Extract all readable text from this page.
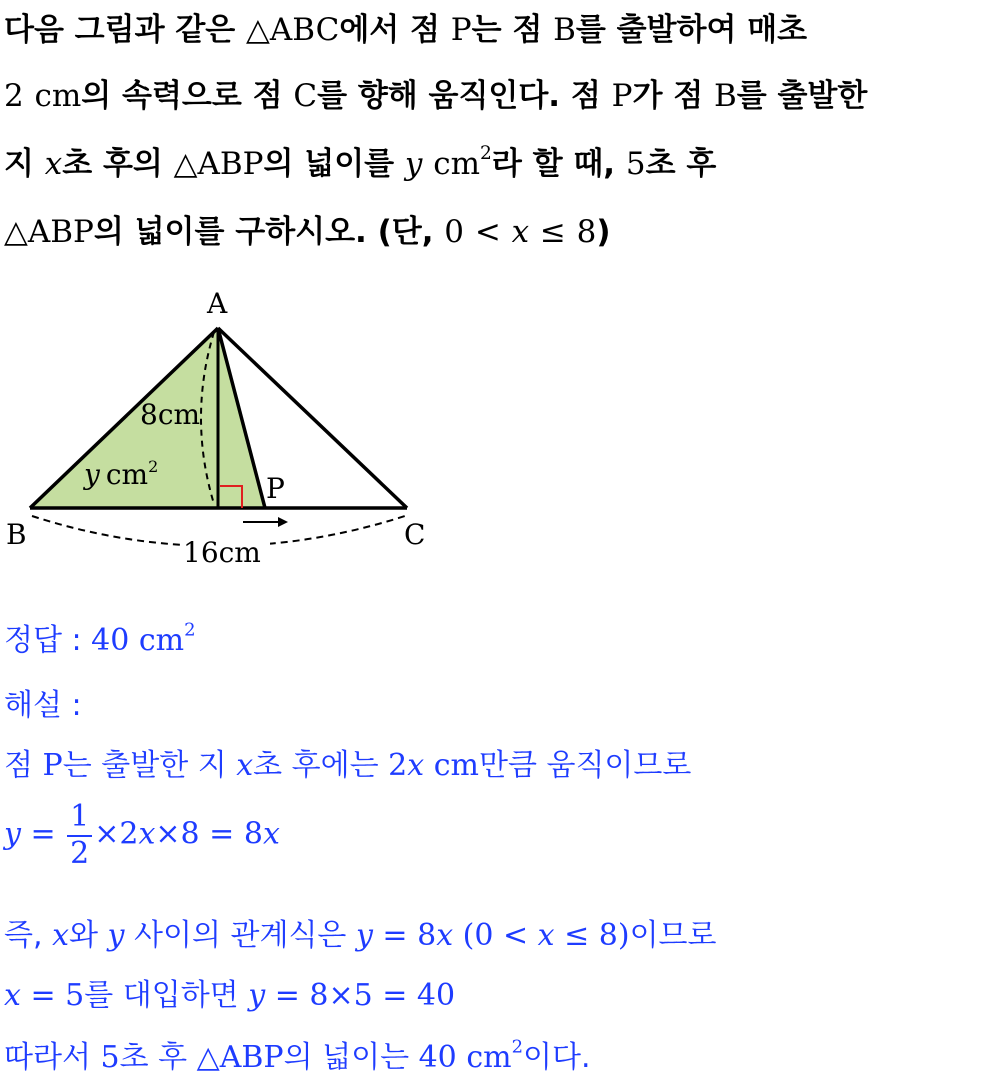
다음 그림과 같은 △ABC에서 점 P는 점 B를 출발하여 매초
2 cm의 속력으로 점 C를 향해 움직인다. 점 P가 점 B를 출발한
지 x초 후의 △ABP의 넓이를 y $cm^2$라 할 때, 5초 후
△ABP의 넓이를 구하시오. (단, 0 < x ≤ 8)
A
B	C
P
8cm
y $cm^2$
16cm
정답 : 40 $cm^2$
해설 :
점 P는 출발한 지 x초 후에는 2x cm만큼 움직이므로
$y = \frac{1}{2} \times 2x\times 8 = 8x$
즉, x와 y 사이의 관계식은 y = 8x (0 < x ≤ 8)이므로
x = 5를 대입하면 y = 8×5 = 40
따라서 5초 후 △ABP의 넓이는 40 $cm^2$이다.
